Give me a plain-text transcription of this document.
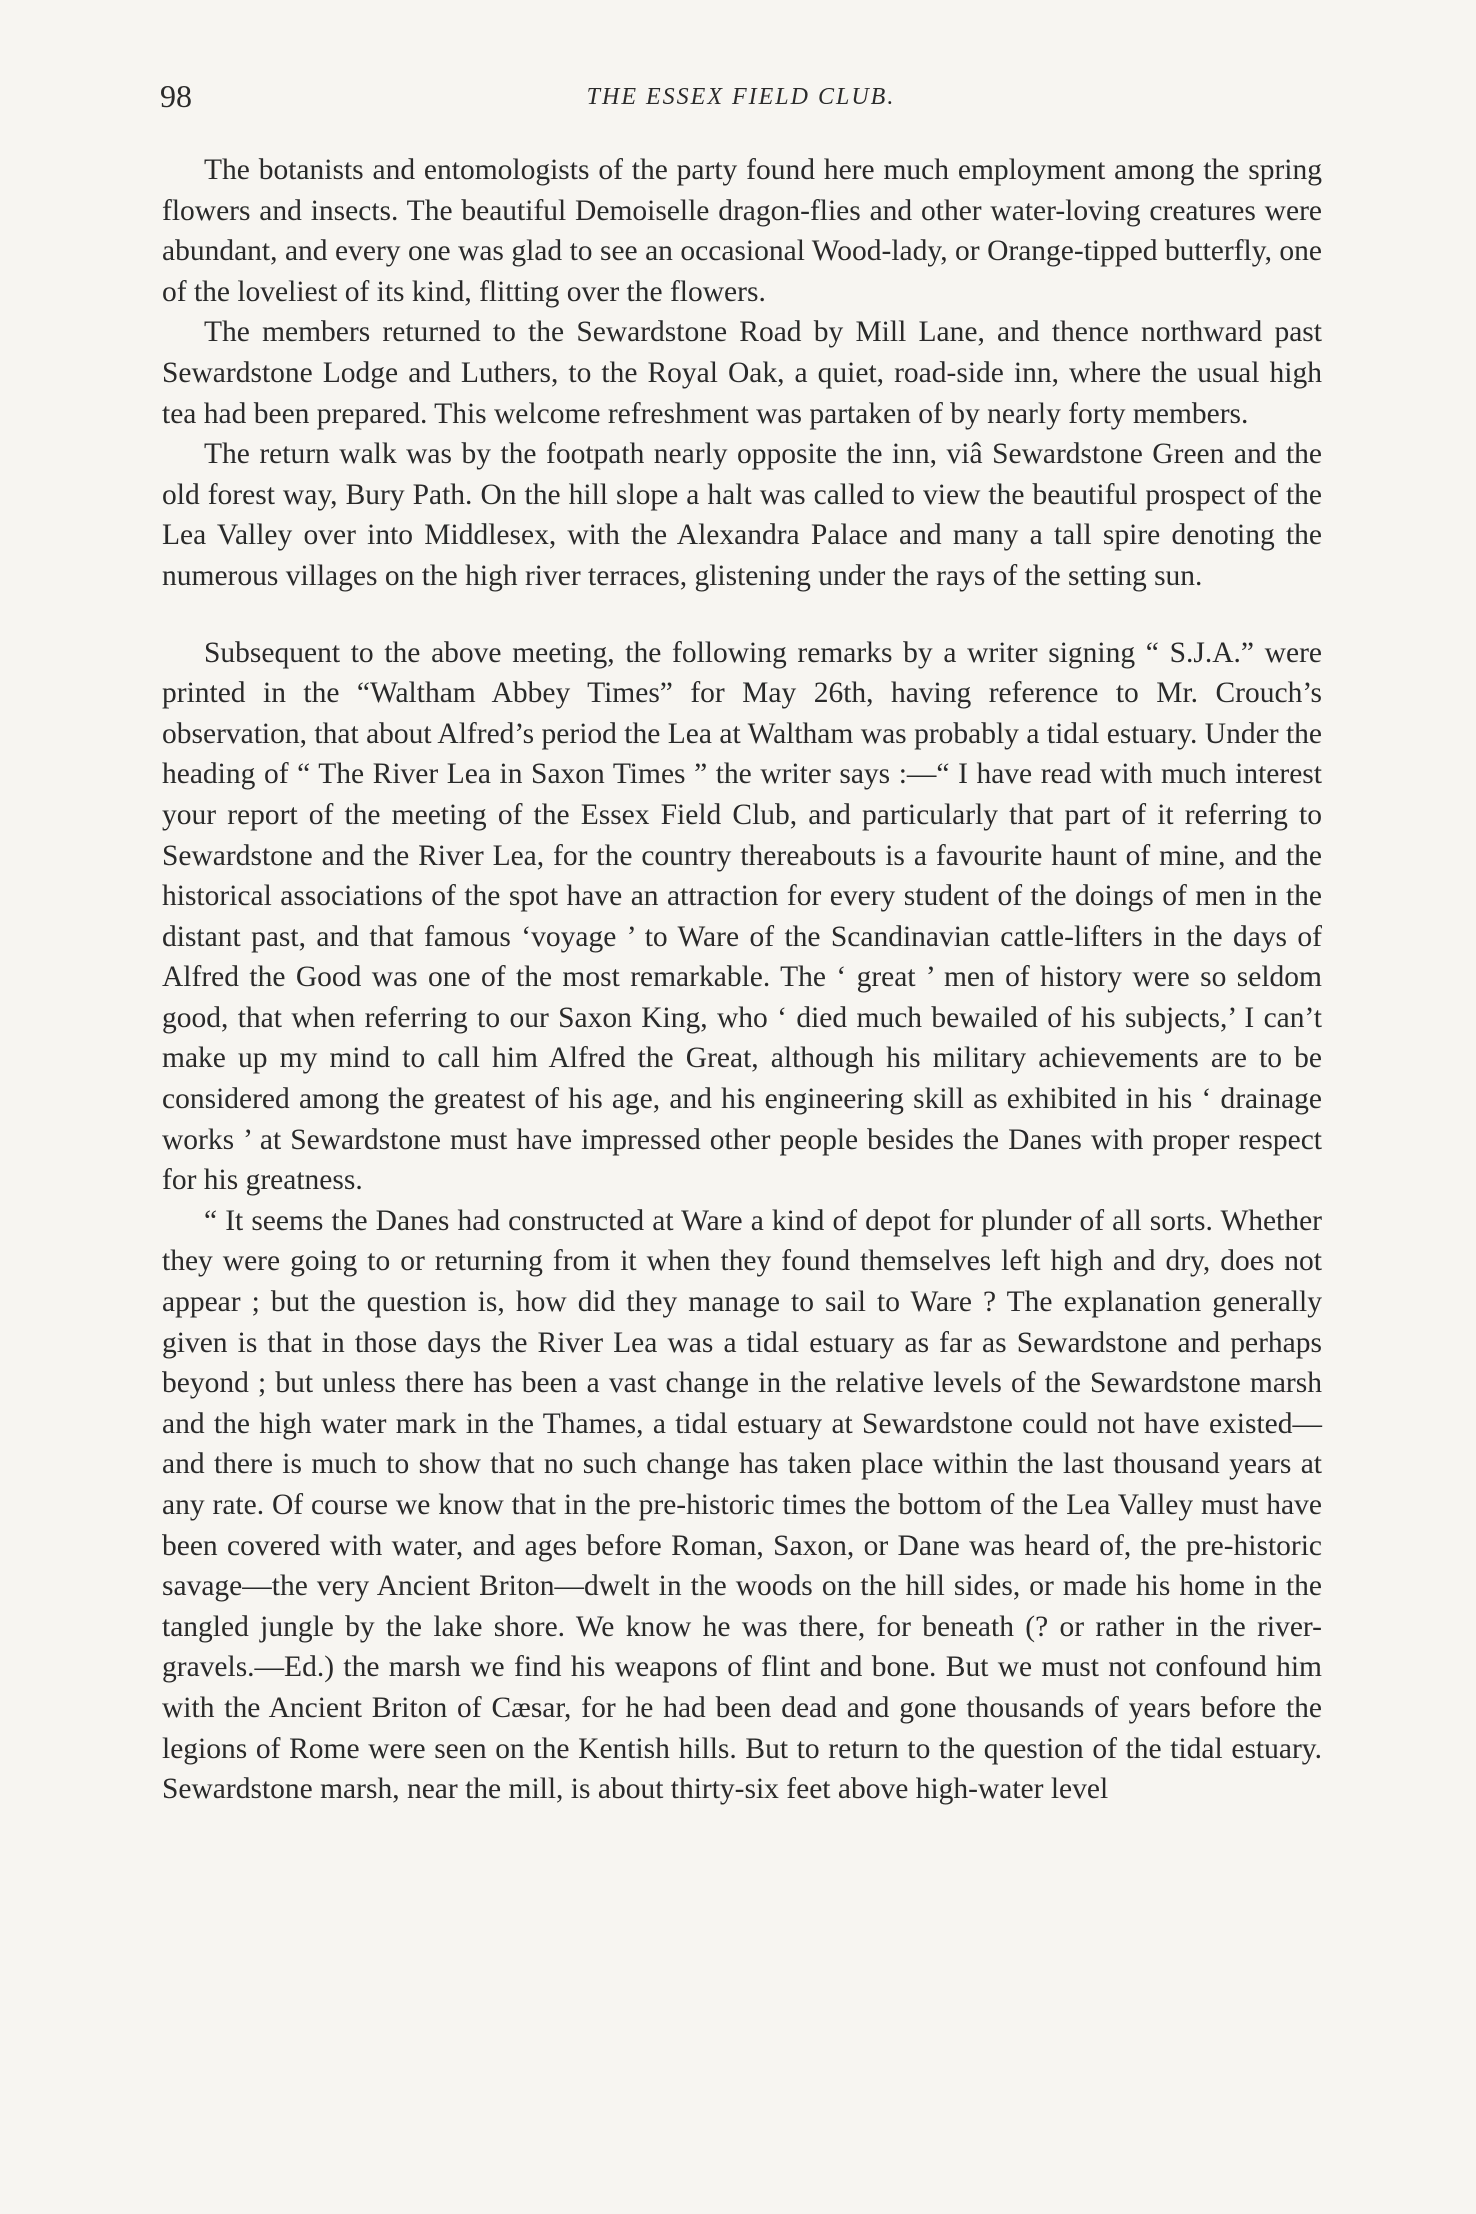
98	THE ESSEX FIELD CLUB.

The botanists and entomologists of the party found here much employment among the spring flowers and insects. The beautiful Demoiselle dragon-flies and other water-loving creatures were abundant, and every one was glad to see an occasional Wood-lady, or Orange-tipped butterfly, one of the loveliest of its kind, flitting over the flowers.

The members returned to the Sewardstone Road by Mill Lane, and thence northward past Sewardstone Lodge and Luthers, to the Royal Oak, a quiet, road-side inn, where the usual high tea had been prepared. This welcome refreshment was partaken of by nearly forty members.

The return walk was by the footpath nearly opposite the inn, viâ Sewardstone Green and the old forest way, Bury Path. On the hill slope a halt was called to view the beautiful prospect of the Lea Valley over into Middlesex, with the Alexandra Palace and many a tall spire denoting the numerous villages on the high river terraces, glistening under the rays of the setting sun.

Subsequent to the above meeting, the following remarks by a writer signing “ S.J.A.” were printed in the “Waltham Abbey Times” for May 26th, having reference to Mr. Crouch’s observation, that about Alfred’s period the Lea at Waltham was probably a tidal estuary. Under the heading of “ The River Lea in Saxon Times ” the writer says :—“ I have read with much interest your report of the meeting of the Essex Field Club, and particularly that part of it referring to Sewardstone and the River Lea, for the country thereabouts is a favourite haunt of mine, and the historical associations of the spot have an attraction for every student of the doings of men in the distant past, and that famous ‘voyage ’ to Ware of the Scandinavian cattle-lifters in the days of Alfred the Good was one of the most remarkable. The ‘ great ’ men of history were so seldom good, that when referring to our Saxon King, who ‘ died much bewailed of his subjects,’ I can’t make up my mind to call him Alfred the Great, although his military achievements are to be considered among the greatest of his age, and his engineering skill as exhibited in his ‘ drainage works ’ at Sewardstone must have impressed other people besides the Danes with proper respect for his greatness.

“ It seems the Danes had constructed at Ware a kind of depot for plunder of all sorts. Whether they were going to or returning from it when they found themselves left high and dry, does not appear ; but the question is, how did they manage to sail to Ware ? The explanation generally given is that in those days the River Lea was a tidal estuary as far as Sewardstone and perhaps beyond ; but unless there has been a vast change in the relative levels of the Sewardstone marsh and the high water mark in the Thames, a tidal estuary at Sewardstone could not have existed—and there is much to show that no such change has taken place within the last thousand years at any rate. Of course we know that in the pre-historic times the bottom of the Lea Valley must have been covered with water, and ages before Roman, Saxon, or Dane was heard of, the pre-historic savage—the very Ancient Briton—dwelt in the woods on the hill sides, or made his home in the tangled jungle by the lake shore. We know he was there, for beneath (? or rather in the river-gravels.—Ed.) the marsh we find his weapons of flint and bone. But we must not confound him with the Ancient Briton of Cæsar, for he had been dead and gone thousands of years before the legions of Rome were seen on the Kentish hills. But to return to the question of the tidal estuary. Sewardstone marsh, near the mill, is about thirty-six feet above high-water level
